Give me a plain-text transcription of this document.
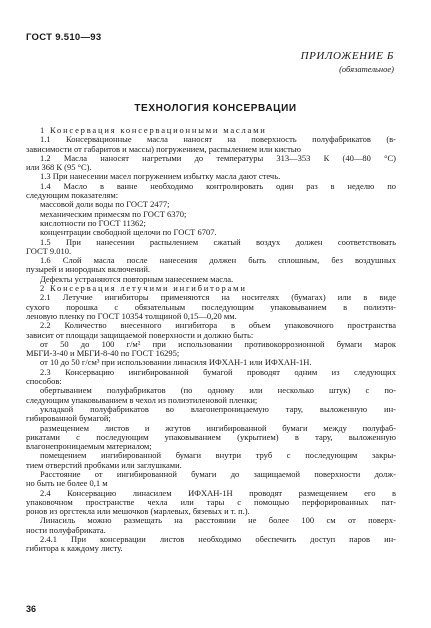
ГОСТ 9.510—93
ПРИЛОЖЕНИЕ Б
(обязательное)
ТЕХНОЛОГИЯ КОНСЕРВАЦИИ
1 Консервация консервационными маслами
1.1 Консервационные масла наносят на поверхность полуфабрикатов (в-
зависимости от габаритов и массы) погружением, распылением или кистью
1.2 Масла наносят нагретыми до температуры 313—353 К (40—80 °С)
или 368 К (95 °С).
1.3 При нанесении масел погружением избытку масла дают стечь.
1.4 Масло в ванне необходимо контролировать один раз в неделю по
следующим показателям:
массовой доли воды по ГОСТ 2477;
механическим примесям по ГОСТ 6370;
кислотности по ГОСТ 11362;
концентрации свободной щелочи по ГОСТ 6707.
1.5 При нанесении распылением сжатый воздух должен соответствовать
ГОСТ 9.010.
1.6 Слой масла после нанесения должен быть сплошным, без воздушных
пузырей и инородных включений.
Дефекты устраняются повторным нанесением масла.
2 Консервация летучими ингибиторами
2.1 Летучие ингибиторы применяются на носителях (бумагах) или в виде
сухого порошка с обязательным последующим упаковыванием в полиэти-
леновую пленку по ГОСТ 10354 толщиной 0,15—0,20 мм.
2.2 Количество внесенного ингибитора в объем упаковочного пространства
зависит от площади защищаемой поверхности и должно быть:
от 50 до 100 г/м² при использовании противокоррозионной бумаги марок
МБГИ-3-40 и МБГИ-8-40 по ГОСТ 16295;
от 10 до 50 г/см³ при использовании линасиля ИФХАН-1 или ИФХАН-1Н.
2.3 Консервацию ингибированной бумагой проводят одним из следующих
способов:
обертыванием полуфабрикатов (по одному или несколько штук) с по-
следующим упаковыванием в чехол из полиэтиленовой пленки;
укладкой полуфабрикатов во влагонепроницаемую тару, выложенную ин-
гибированной бумагой;
размещением листов и жгутов ингибированной бумаги между полуфаб-
рикатами с последующим упаковыванием (укрытием) в тару, выложенную
влагонепроницаемым материалом;
помещением ингибированной бумаги внутри труб с последующим закры-
тием отверстий пробками или заглушками.
Расстояние от ингибированной бумаги до защищаемой поверхности долж-
но быть не более 0,1 м
2.4 Консервацию линасилем ИФХАН-1Н проводят размещением его в
упаковочном пространстве чехла или тары с помощью перфорированных пат-
ронов из оргстекла или мешочков (марлевых, бязевых и т. п.).
Линасиль можно размещать на расстоянии не более 100 см от поверх-
ности полуфабриката.
2.4.1 При консервации листов необходимо обеспечить доступ паров ин-
гибитора к каждому листу.
36
